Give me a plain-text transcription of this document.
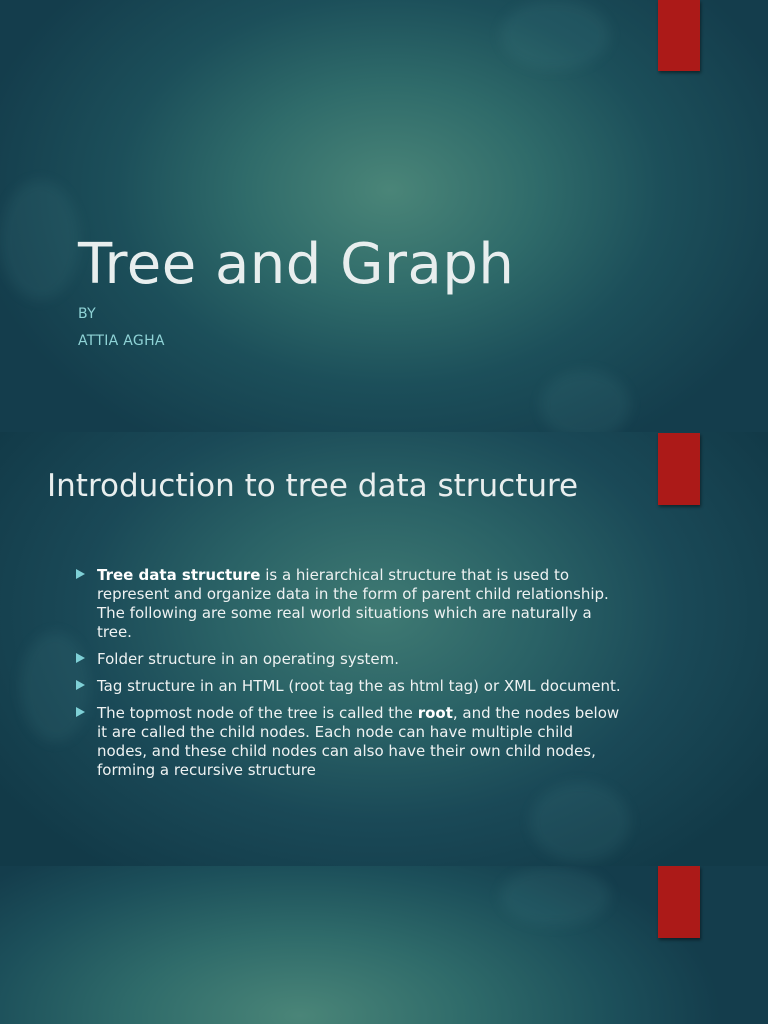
Tree and Graph
BY
ATTIA AGHA
Introduction to tree data structure
Tree data structure is a hierarchical structure that is used to represent and organize data in the form of parent child relationship. The following are some real world situations which are naturally a tree.
Folder structure in an operating system.
Tag structure in an HTML (root tag the as html tag) or XML document.
The topmost node of the tree is called the root, and the nodes below it are called the child nodes. Each node can have multiple child nodes, and these child nodes can also have their own child nodes, forming a recursive structure
